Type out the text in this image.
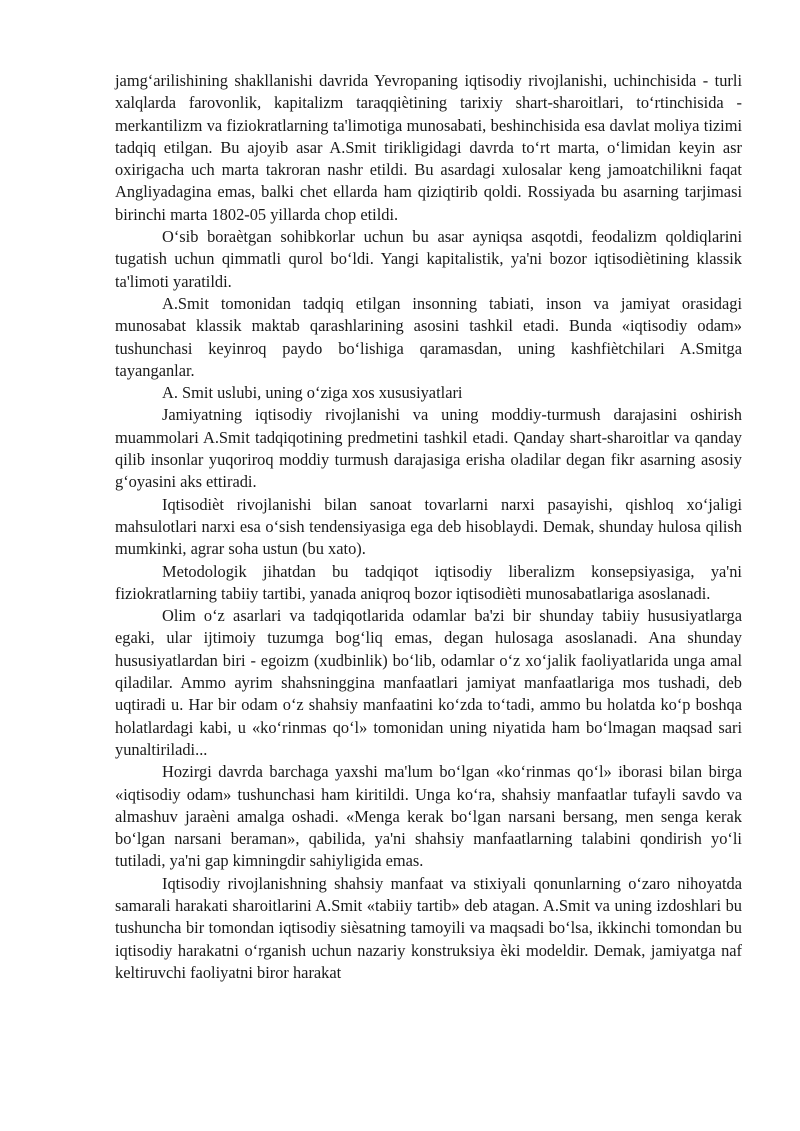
jamg‘arilishining shakllanishi davrida Yevropaning iqtisodiy rivojlanishi, uchinchisida - turli xalqlarda farovonlik, kapitalizm taraqqiètining tarixiy shart-sharoitlari, to‘rtinchisida - merkantilizm va fiziokratlarning ta'limotiga munosabati, beshinchisida esa davlat moliya tizimi tadqiq etilgan. Bu ajoyib asar A.Smit tirikligidagi davrda to‘rt marta, o‘limidan keyin asr oxirigacha uch marta takroran nashr etildi. Bu asardagi xulosalar keng jamoatchilikni faqat Angliyadagina emas, balki chet ellarda ham qiziqtirib qoldi. Rossiyada bu asarning tarjimasi birinchi marta 1802-05 yillarda chop etildi.

O‘sib boraètgan sohibkorlar uchun bu asar ayniqsa asqotdi, feodalizm qoldiqlarini tugatish uchun qimmatli qurol bo‘ldi. Yangi kapitalistik, ya'ni bozor iqtisodiètining klassik ta'limoti yaratildi.

A.Smit tomonidan tadqiq etilgan insonning tabiati, inson va jamiyat orasidagi munosabat klassik maktab qarashlarining asosini tashkil etadi. Bunda «iqtisodiy odam» tushunchasi keyinroq paydo bo‘lishiga qaramasdan, uning kashfiètchilari A.Smitga tayanganlar.

A. Smit uslubi, uning o‘ziga xos xususiyatlari

Jamiyatning iqtisodiy rivojlanishi va uning moddiy-turmush darajasini oshirish muammolari A.Smit tadqiqotining predmetini tashkil etadi. Qanday shart-sharoitlar va qanday qilib insonlar yuqoriroq moddiy turmush darajasiga erisha oladilar degan fikr asarning asosiy g‘oyasini aks ettiradi.

Iqtisodièt rivojlanishi bilan sanoat tovarlarni narxi pasayishi, qishloq xo‘jaligi mahsulotlari narxi esa o‘sish tendensiyasiga ega deb hisoblaydi. Demak, shunday hulosa qilish mumkinki, agrar soha ustun (bu xato).

Metodologik jihatdan bu tadqiqot iqtisodiy liberalizm konsepsiyasiga, ya'ni fiziokratlarning tabiiy tartibi, yanada aniqroq bozor iqtisodièti munosabatlariga asoslanadi.

Olim o‘z asarlari va tadqiqotlarida odamlar ba'zi bir shunday tabiiy hususiyatlarga egaki, ular ijtimoiy tuzumga bog‘liq emas, degan hulosaga asoslanadi. Ana shunday hususiyatlardan biri - egoizm (xudbinlik) bo‘lib, odamlar o‘z xo‘jalik faoliyatlarida unga amal qiladilar. Ammo ayrim shahsninggina manfaatlari jamiyat manfaatlariga mos tushadi, deb uqtiradi u. Har bir odam o‘z shahsiy manfaatini ko‘zda to‘tadi, ammo bu holatda ko‘p boshqa holatlardagi kabi, u «ko‘rinmas qo‘l» tomonidan uning niyatida ham bo‘lmagan maqsad sari yunaltiriladi...

Hozirgi davrda barchaga yaxshi ma'lum bo‘lgan «ko‘rinmas qo‘l» iborasi bilan birga «iqtisodiy odam» tushunchasi ham kiritildi. Unga ko‘ra, shahsiy manfaatlar tufayli savdo va almashuv jaraèni amalga oshadi. «Menga kerak bo‘lgan narsani bersang, men senga kerak bo‘lgan narsani beraman», qabilida, ya'ni shahsiy manfaatlarning talabini qondirish yo‘li tutiladi, ya'ni gap kimningdir sahiyligida emas.

Iqtisodiy rivojlanishning shahsiy manfaat va stixiyali qonunlarning o‘zaro nihoyatda samarali harakati sharoitlarini A.Smit «tabiiy tartib» deb atagan. A.Smit va uning izdoshlari bu tushuncha bir tomondan iqtisodiy siѐsatning tamoyili va maqsadi bo‘lsa, ikkinchi tomondan bu iqtisodiy harakatni o‘rganish uchun nazariy konstruksiya èki modeldir. Demak, jamiyatga naf keltiruvchi faoliyatni biror harakat
